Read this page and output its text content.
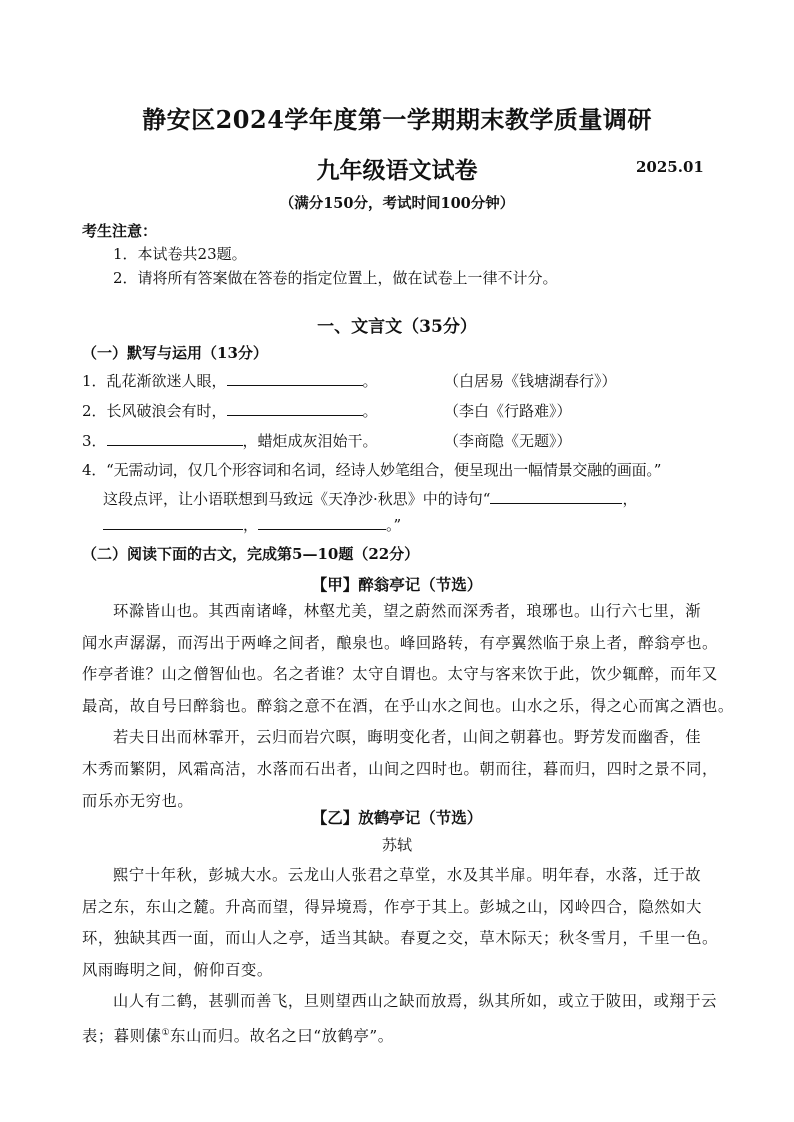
静安区2024学年度第一学期期末教学质量调研
九年级语文试卷	2025.01
（满分150分，考试时间100分钟）
考生注意：
1．本试卷共23题。
2．请将所有答案做在答卷的指定位置上，做在试卷上一律不计分。
一、文言文（35分）
（一）默写与运用（13分）
1．乱花渐欲迷人眼，	。	（白居易《钱塘湖春行》）
2．长风破浪会有时，	。	（李白《行路难》）
3．	，蜡炬成灰泪始干。	（李商隐《无题》）
4．“无需动词，仅几个形容词和名词，经诗人妙笔组合，便呈现出一幅情景交融的画面。”
这段点评，让小语联想到马致远《天净沙·秋思》中的诗句“	，
，	。”
（二）阅读下面的古文，完成第5—10题（22分）
【甲】醉翁亭记（节选）
环滁皆山也。其西南诸峰，林壑尤美，望之蔚然而深秀者，琅琊也。山行六七里，渐
闻水声潺潺，而泻出于两峰之间者，酿泉也。峰回路转，有亭翼然临于泉上者，醉翁亭也。
作亭者谁？山之僧智仙也。名之者谁？太守自谓也。太守与客来饮于此，饮少辄醉，而年又
最高，故自号曰醉翁也。醉翁之意不在酒，在乎山水之间也。山水之乐，得之心而寓之酒也。
若夫日出而林霏开，云归而岩穴暝，晦明变化者，山间之朝暮也。野芳发而幽香，佳
木秀而繁阴，风霜高洁，水落而石出者，山间之四时也。朝而往，暮而归，四时之景不同，
而乐亦无穷也。
【乙】放鹤亭记（节选）
苏轼
熙宁十年秋，彭城大水。云龙山人张君之草堂，水及其半扉。明年春，水落，迁于故
居之东，东山之麓。升高而望，得异境焉，作亭于其上。彭城之山，冈岭四合，隐然如大
环，独缺其西一面，而山人之亭，适当其缺。春夏之交，草木际天；秋冬雪月，千里一色。
风雨晦明之间，俯仰百变。
山人有二鹤，甚驯而善飞，旦则望西山之缺而放焉，纵其所如，或立于陂田，或翔于云
表；暮则傃①东山而归。故名之曰“放鹤亭”。
